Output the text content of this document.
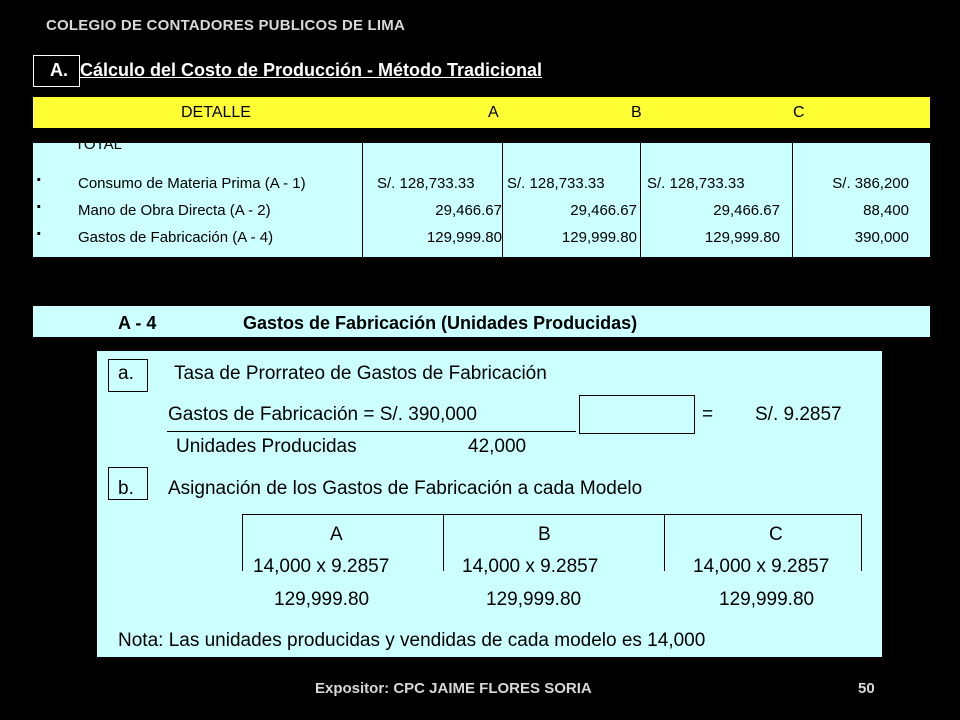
COLEGIO DE CONTADORES PUBLICOS DE LIMA
A. Cálculo del Costo de Producción - Método Tradicional
DETALLE	A	B	C
TOTAL
. Consumo de Materia Prima (A - 1)	S/. 128,733.33 S/. 128,733.33	S/. 128,733.33	S/. 386,200
. Mano de Obra Directa (A - 2)	29,466.67	29,466.67	29,466.67	88,400
. Gastos de Fabricación (A - 4)	129,999.80	129,999.80	129,999.80	390,000
A - 4	Gastos de Fabricación (Unidades Producidas)
a. Tasa de Prorrateo de Gastos de Fabricación
Gastos de Fabricación = S/. 390,000	= S/. 9.2857
Unidades Producidas	42,000
b. Asignación de los Gastos de Fabricación a cada Modelo
A	B	C
14,000 x 9.2857	14,000 x 9.2857	14,000 x 9.2857
129,999.80	129,999.80	129,999.80
Nota: Las unidades producidas y vendidas de cada modelo es 14,000
Expositor: CPC JAIME FLORES SORIA	50
